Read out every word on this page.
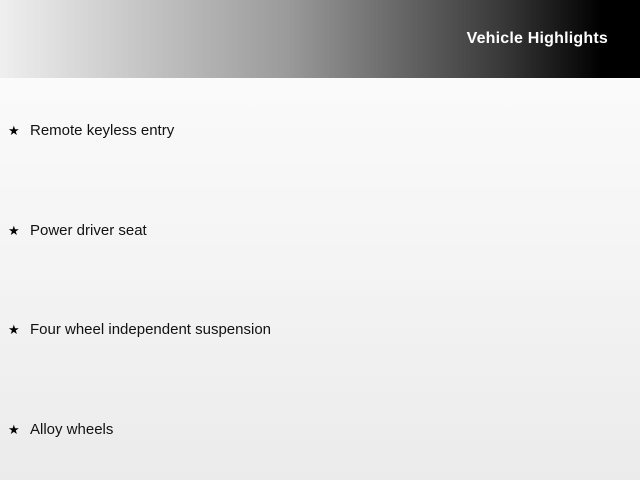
Vehicle Highlights
★ Remote keyless entry
★ Power driver seat
★ Four wheel independent suspension
★ Alloy wheels
